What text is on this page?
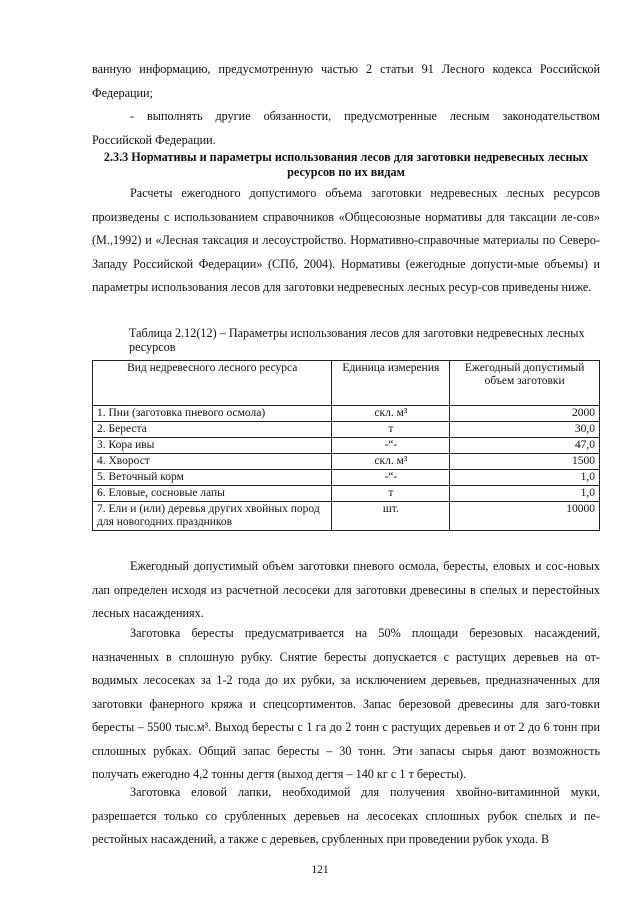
ванную информацию, предусмотренную частью 2 статьи 91 Лесного кодекса Российской Федерации;

- выполнять другие обязанности, предусмотренные лесным законодательством Российской Федерации.

2.3.3 Нормативы и параметры использования лесов для заготовки недревесных лесных ресурсов по их видам

Расчеты ежегодного допустимого объема заготовки недревесных лесных ресурсов произведены с использованием справочников «Общесоюзные нормативы для таксации ле-сов» (М.,1992) и «Лесная таксация и лесоустройство. Нормативно-справочные материалы по Северо-Западу Российской Федерации» (СПб, 2004). Нормативы (ежегодные допусти-мые объемы) и параметры использования лесов для заготовки недревесных лесных ресур-сов приведены ниже.

Таблица 2.12(12) – Параметры использования лесов для заготовки недревесных лесных ресурсов

Вид недревесного лесного ресурса	Единица измерения	Ежегодный допустимый объем заготовки
1. Пни (заготовка пневого осмола)	скл. м³	2000
2. Береста	т	30,0
3. Кора ивы	-“-	47,0
4. Хворост	скл. м³	1500
5. Веточный корм	-“-	1,0
6. Еловые, сосновые лапы	т	1,0
7. Ели и (или) деревья других хвойных пород для новогодних праздников	шт.	10000

Ежегодный допустимый объем заготовки пневого осмола, бересты, еловых и сос-новых лап определен исходя из расчетной лесосеки для заготовки древесины в спелых и перестойных лесных насаждениях.

Заготовка бересты предусматривается на 50% площади березовых насаждений, назначенных в сплошную рубку. Снятие бересты допускается с растущих деревьев на от-водимых лесосеках за 1-2 года до их рубки, за исключением деревьев, предназначенных для заготовки фанерного кряжа и спецсортиментов. Запас березовой древесины для заго-товки бересты – 5500 тыс.м³. Выход бересты с 1 га до 2 тонн с растущих деревьев и от 2 до 6 тонн при сплошных рубках. Общий запас бересты – 30 тонн. Эти запасы сырья дают возможность получать ежегодно 4,2 тонны дегтя (выход дегтя – 140 кг с 1 т бересты).

Заготовка еловой лапки, необходимой для получения хвойно-витаминной муки, разрешается только со срубленных деревьев на лесосеках сплошных рубок спелых и пе-рестойных насаждений, а также с деревьев, срубленных при проведении рубок ухода. В

121
